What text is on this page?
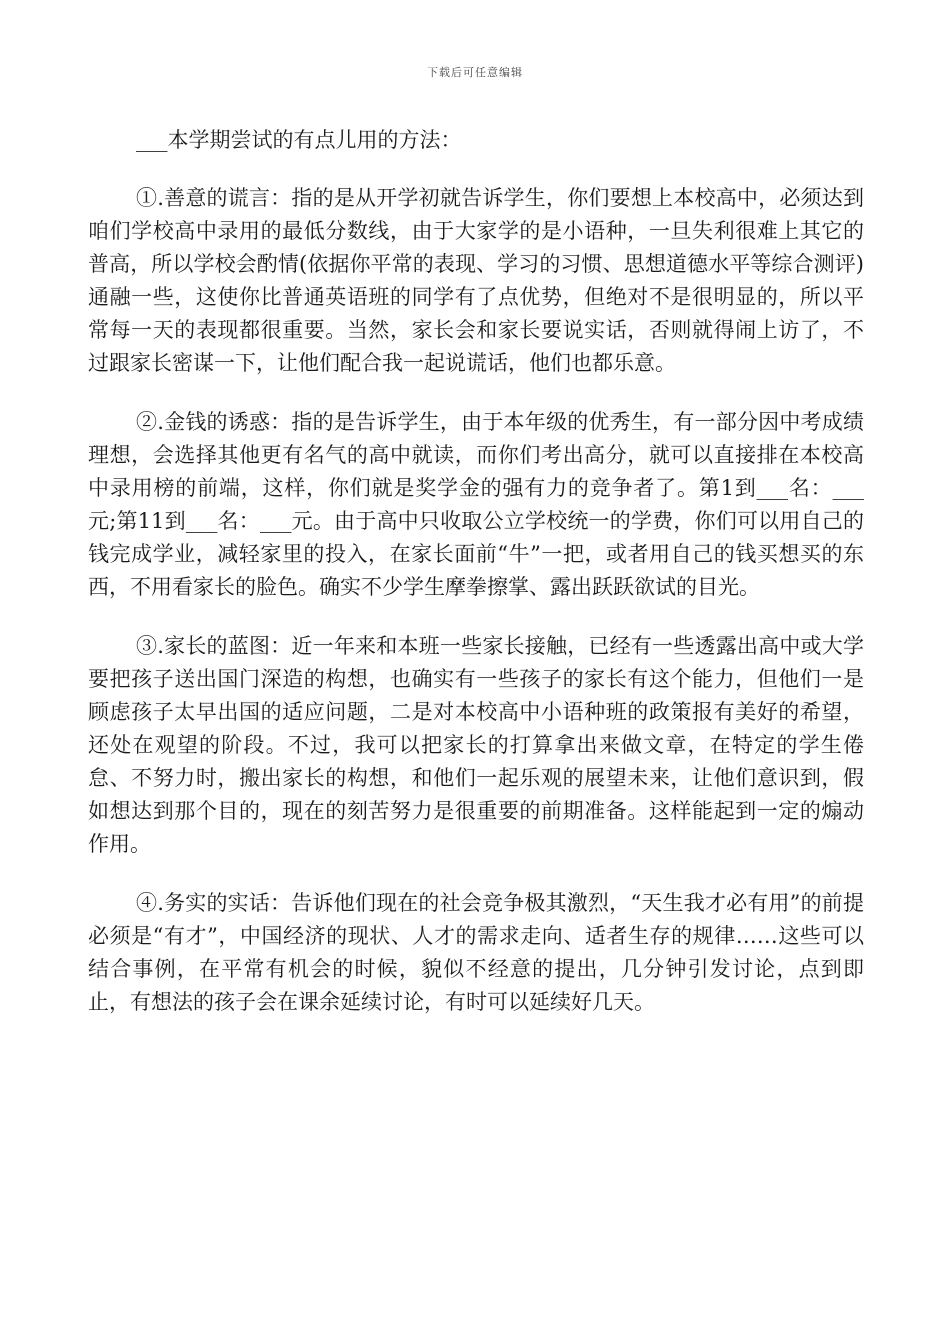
下载后可任意编辑

___本学期尝试的有点儿用的方法：

①.善意的谎言：指的是从开学初就告诉学生，你们要想上本校高中，必须达到咱们学校高中录用的最低分数线，由于大家学的是小语种，一旦失利很难上其它的普高，所以学校会酌情(依据你平常的表现、学习的习惯、思想道德水平等综合测评)通融一些，这使你比普通英语班的同学有了点优势，但绝对不是很明显的，所以平常每一天的表现都很重要。当然，家长会和家长要说实话，否则就得闹上访了，不过跟家长密谋一下，让他们配合我一起说谎话，他们也都乐意。

②.金钱的诱惑：指的是告诉学生，由于本年级的优秀生，有一部分因中考成绩理想，会选择其他更有名气的高中就读，而你们考出高分，就可以直接排在本校高中录用榜的前端，这样，你们就是奖学金的强有力的竞争者了。第1到___名：___元;第11到___名：___元。由于高中只收取公立学校统一的学费，你们可以用自己的钱完成学业，减轻家里的投入，在家长面前“牛”一把，或者用自己的钱买想买的东西，不用看家长的脸色。确实不少学生摩拳擦掌、露出跃跃欲试的目光。

③.家长的蓝图：近一年来和本班一些家长接触，已经有一些透露出高中或大学要把孩子送出国门深造的构想，也确实有一些孩子的家长有这个能力，但他们一是顾虑孩子太早出国的适应问题，二是对本校高中小语种班的政策报有美好的希望，还处在观望的阶段。不过，我可以把家长的打算拿出来做文章，在特定的学生倦怠、不努力时，搬出家长的构想，和他们一起乐观的展望未来，让他们意识到，假如想达到那个目的，现在的刻苦努力是很重要的前期准备。这样能起到一定的煽动作用。

④.务实的实话：告诉他们现在的社会竞争极其激烈，“天生我才必有用”的前提必须是“有才”，中国经济的现状、人才的需求走向、适者生存的规律……这些可以结合事例，在平常有机会的时候，貌似不经意的提出，几分钟引发讨论，点到即止，有想法的孩子会在课余延续讨论，有时可以延续好几天。
